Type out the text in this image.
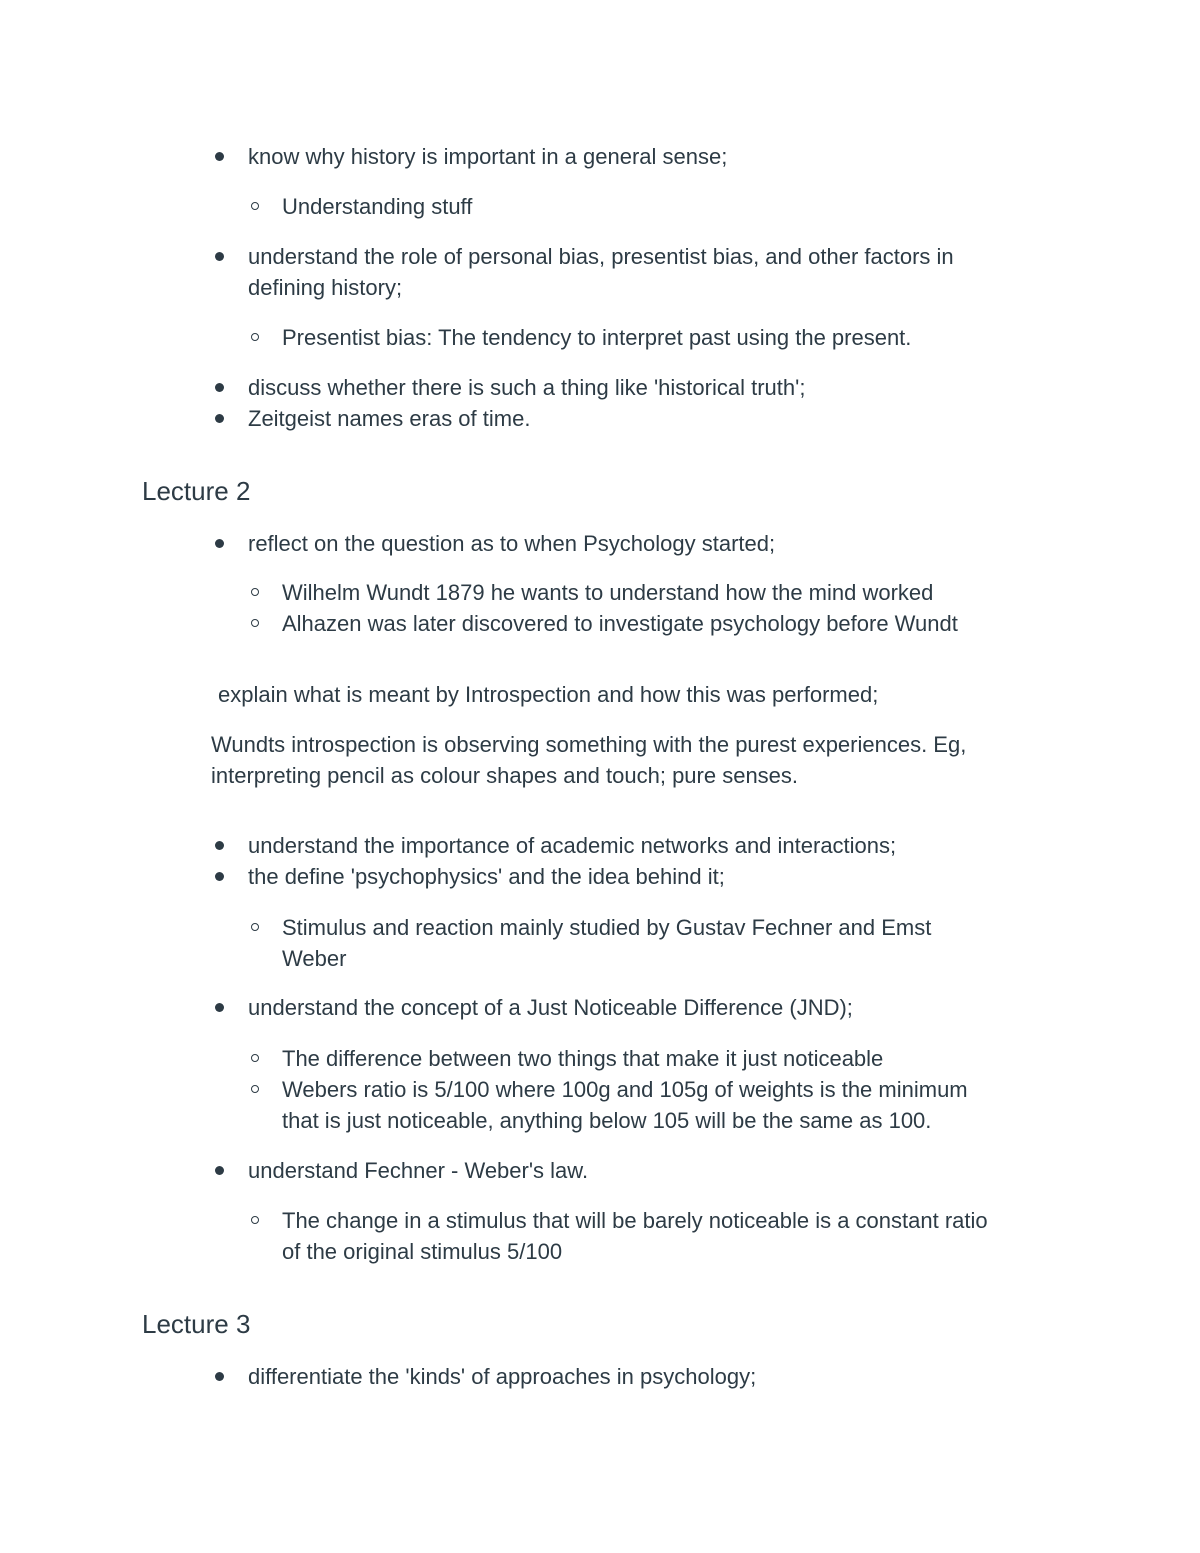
know why history is important in a general sense;
Understanding stuff
understand the role of personal bias, presentist bias, and other factors in
defining history;
Presentist bias: The tendency to interpret past using the present.
discuss whether there is such a thing like 'historical truth';
Zeitgeist names eras of time.
Lecture 2
reflect on the question as to when Psychology started;
Wilhelm Wundt 1879 he wants to understand how the mind worked
Alhazen was later discovered to investigate psychology before Wundt
explain what is meant by Introspection and how this was performed;
Wundts introspection is observing something with the purest experiences. Eg,
interpreting pencil as colour shapes and touch; pure senses.
understand the importance of academic networks and interactions;
the define 'psychophysics' and the idea behind it;
Stimulus and reaction mainly studied by Gustav Fechner and Emst
Weber
understand the concept of a Just Noticeable Difference (JND);
The difference between two things that make it just noticeable
Webers ratio is 5/100 where 100g and 105g of weights is the minimum
that is just noticeable, anything below 105 will be the same as 100.
understand Fechner - Weber's law.
The change in a stimulus that will be barely noticeable is a constant ratio
of the original stimulus 5/100
Lecture 3
differentiate the 'kinds' of approaches in psychology;
